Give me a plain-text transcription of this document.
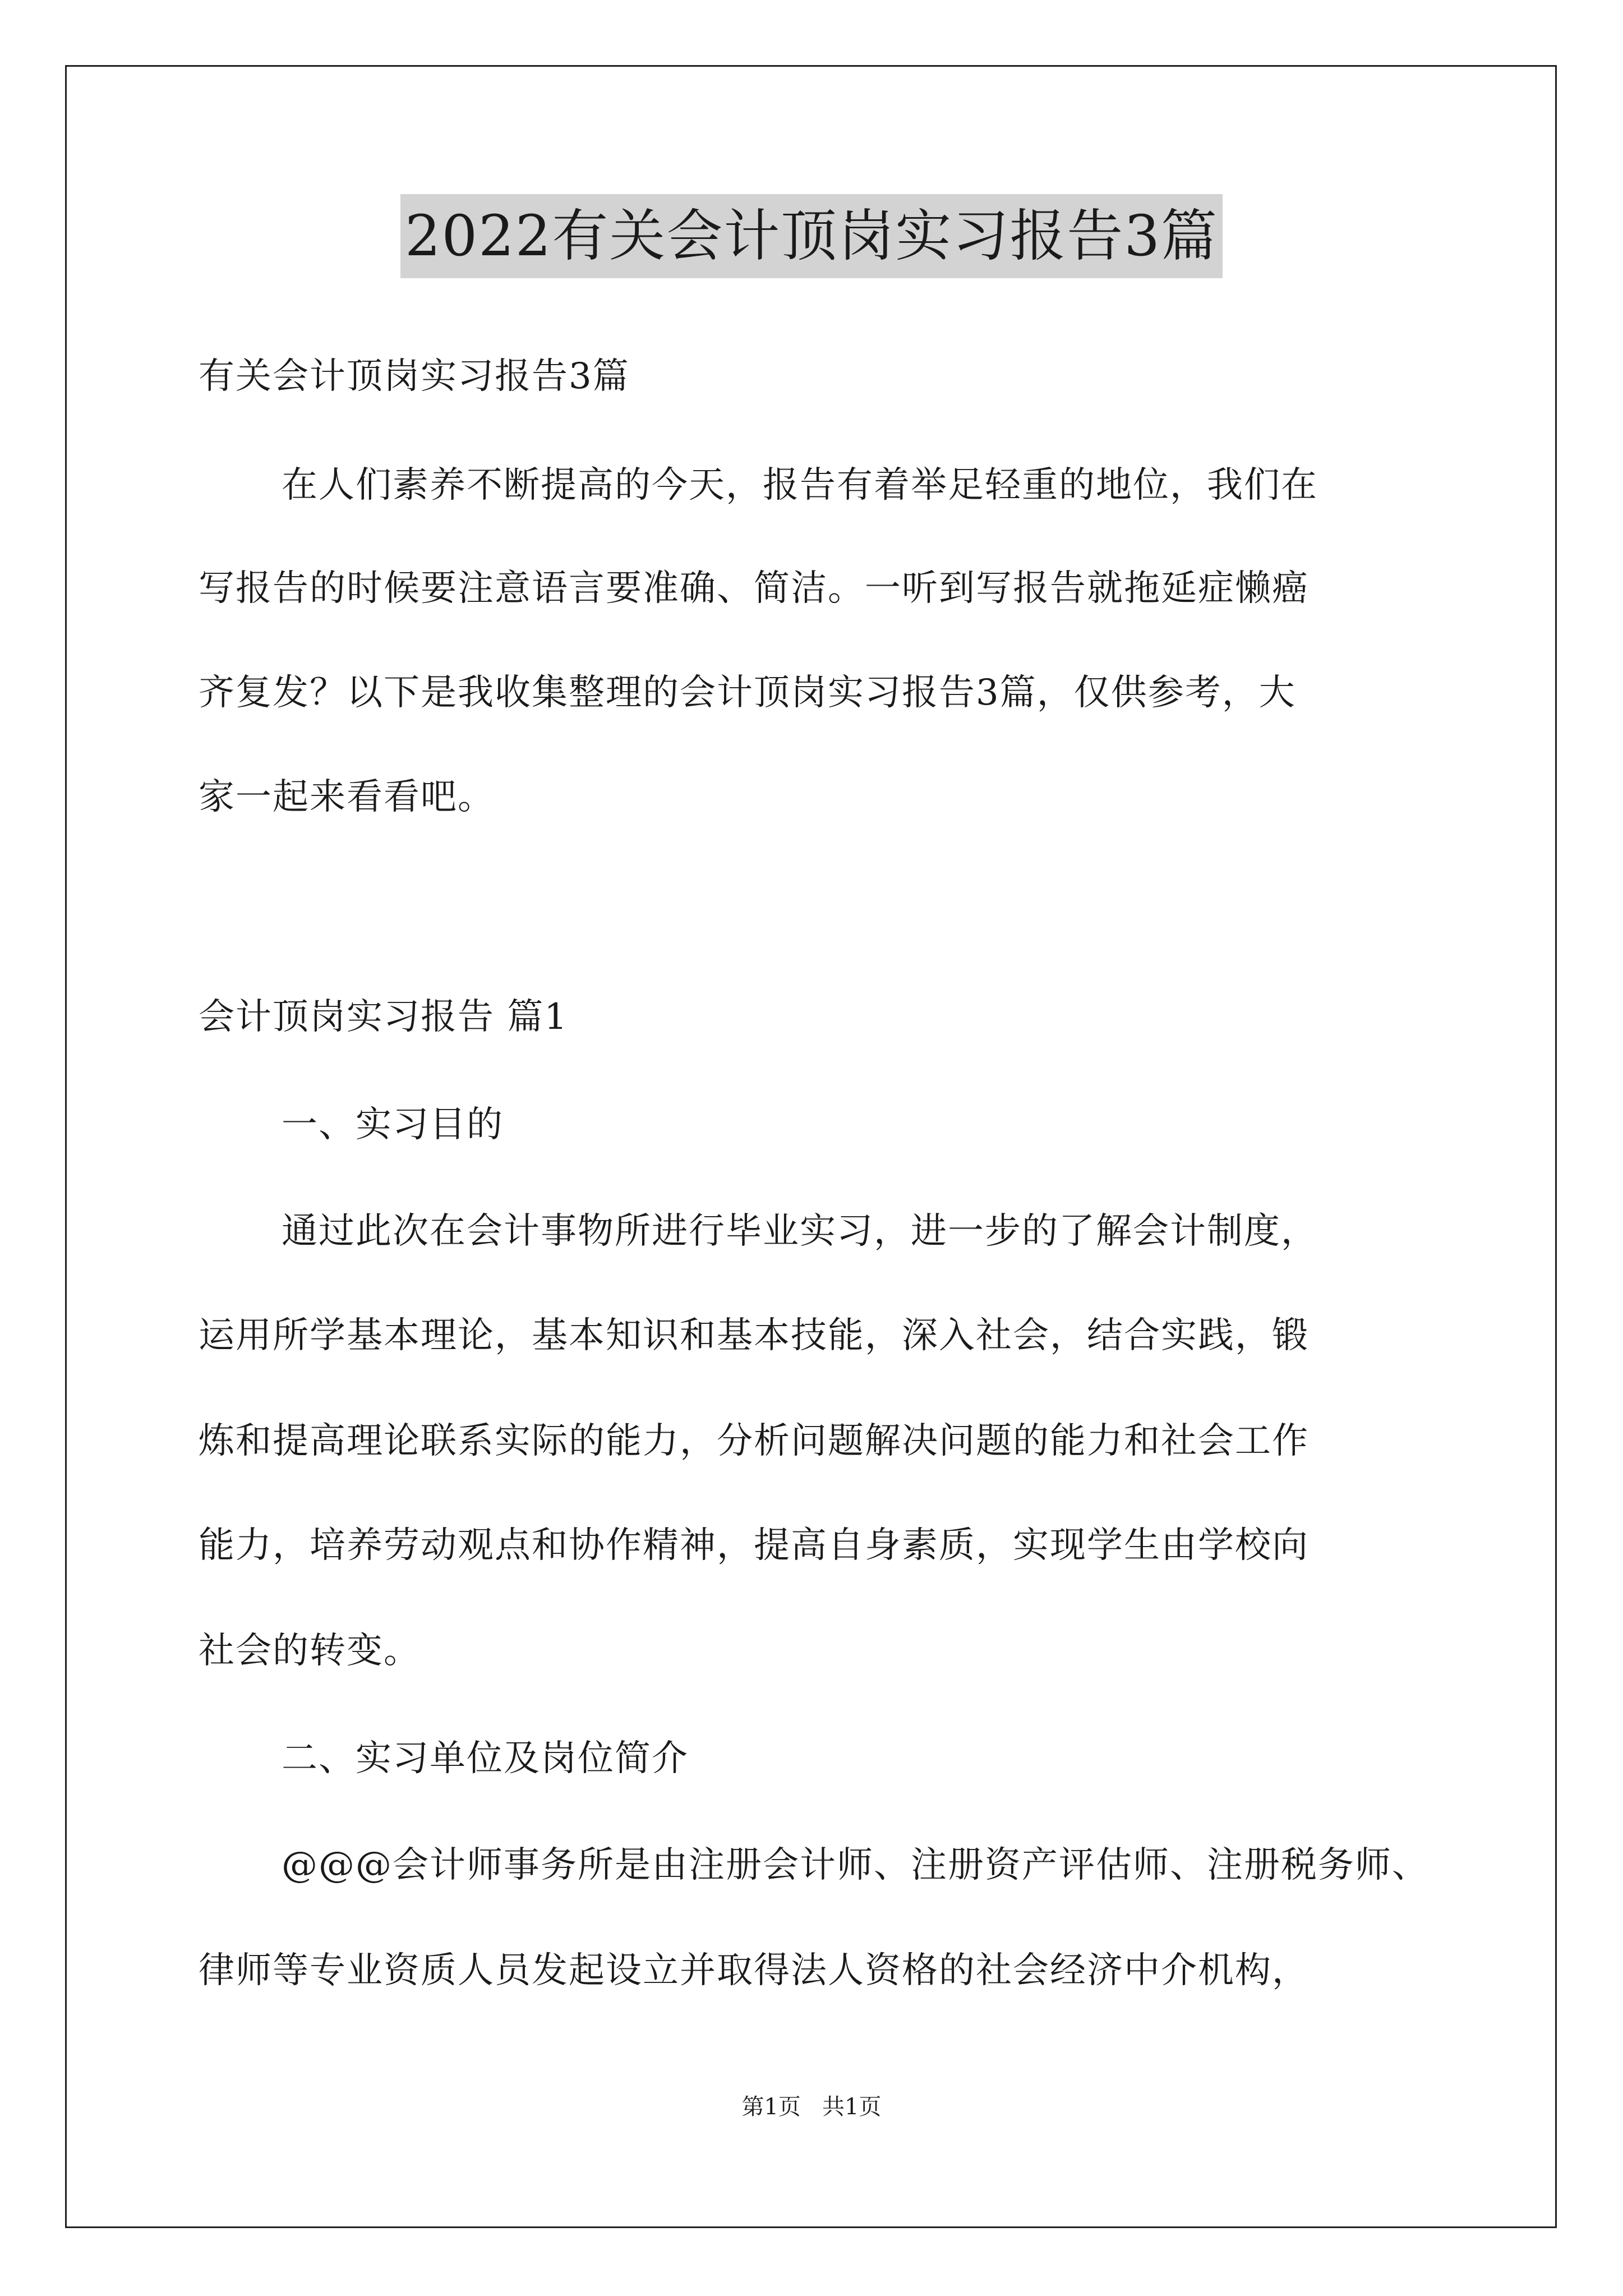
2022有关会计顶岗实习报告3篇
有关会计顶岗实习报告3篇
在人们素养不断提高的今天，报告有着举足轻重的地位，我们在
写报告的时候要注意语言要准确、简洁。一听到写报告就拖延症懒癌
齐复发？以下是我收集整理的会计顶岗实习报告3篇，仅供参考，大
家一起来看看吧。
会计顶岗实习报告 篇1
一、实习目的
通过此次在会计事物所进行毕业实习，进一步的了解会计制度，
运用所学基本理论，基本知识和基本技能，深入社会，结合实践，锻
炼和提高理论联系实际的能力，分析问题解决问题的能力和社会工作
能力，培养劳动观点和协作精神，提高自身素质，实现学生由学校向
社会的转变。
二、实习单位及岗位简介
@@@会计师事务所是由注册会计师、注册资产评估师、注册税务师、
律师等专业资质人员发起设立并取得法人资格的社会经济中介机构，
第1页   共1页
